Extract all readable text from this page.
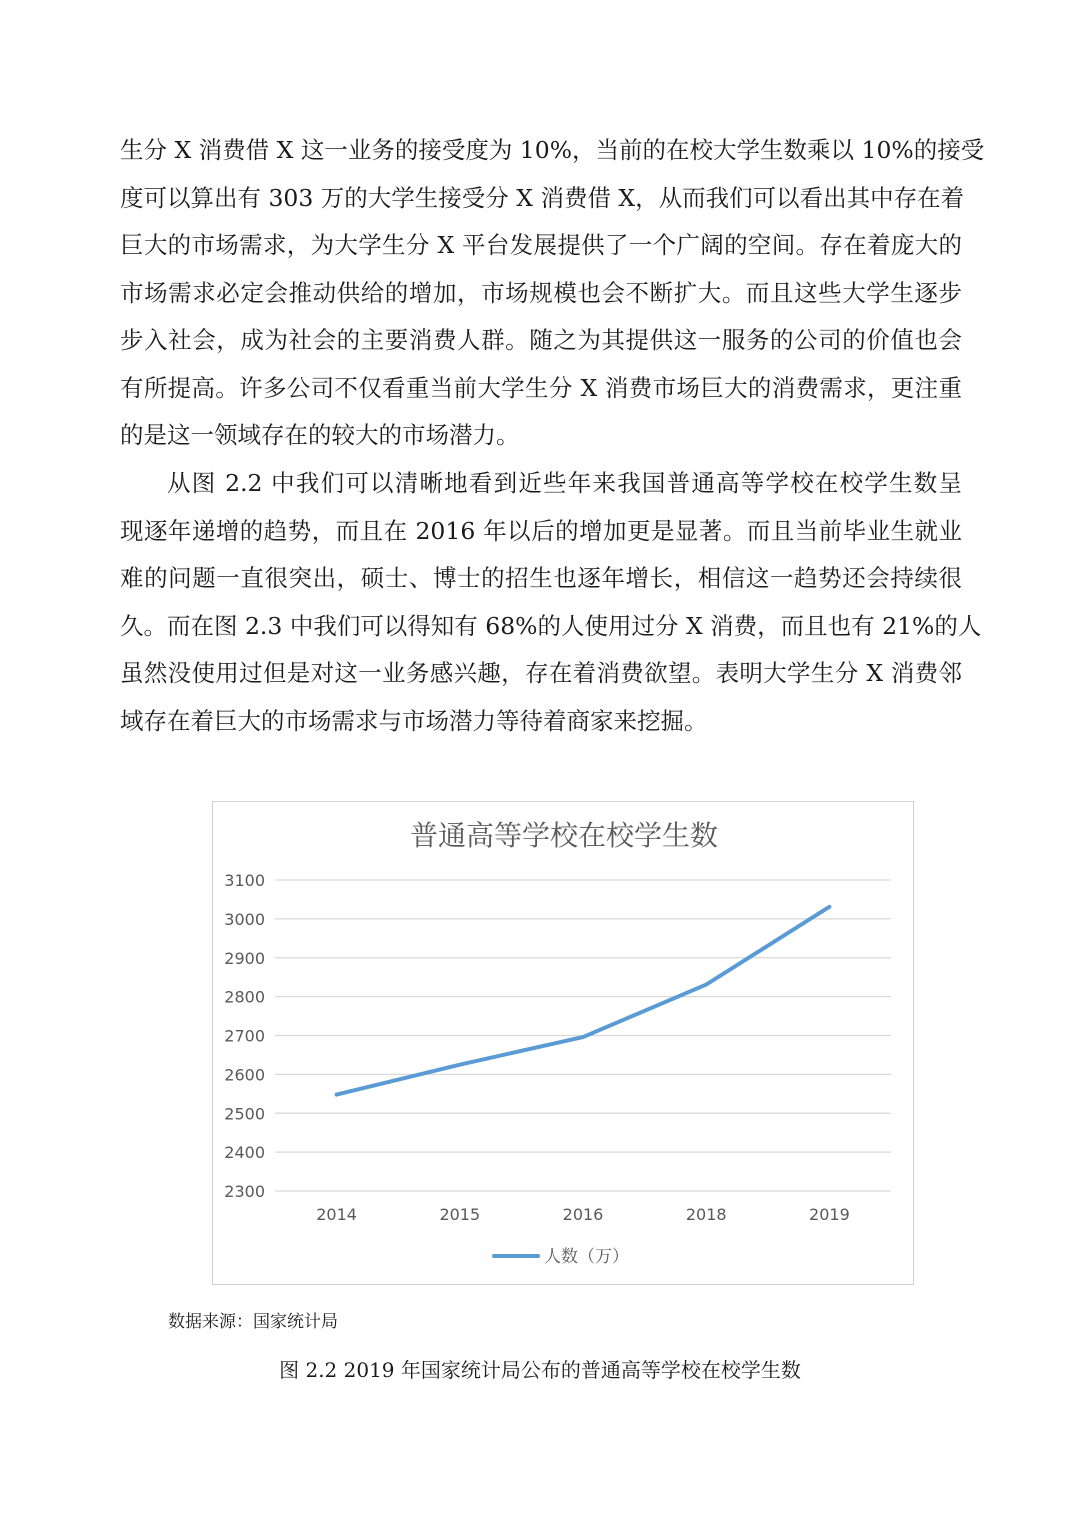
生分 X 消费借 X 这一业务的接受度为 10%，当前的在校大学生数乘以 10%的接受
度可以算出有 303 万的大学生接受分 X 消费借 X，从而我们可以看出其中存在着
巨大的市场需求，为大学生分 X 平台发展提供了一个广阔的空间。存在着庞大的
市场需求必定会推动供给的增加，市场规模也会不断扩大。而且这些大学生逐步
步入社会，成为社会的主要消费人群。随之为其提供这一服务的公司的价值也会
有所提高。许多公司不仅看重当前大学生分 X 消费市场巨大的消费需求，更注重
的是这一领域存在的较大的市场潜力。
从图 2.2 中我们可以清晰地看到近些年来我国普通高等学校在校学生数呈
现逐年递增的趋势，而且在 2016 年以后的增加更是显著。而且当前毕业生就业
难的问题一直很突出，硕士、博士的招生也逐年增长，相信这一趋势还会持续很
久。而在图 2.3 中我们可以得知有 68%的人使用过分 X 消费，而且也有 21%的人
虽然没使用过但是对这一业务感兴趣，存在着消费欲望。表明大学生分 X 消费邻
域存在着巨大的市场需求与市场潜力等待着商家来挖掘。
普通高等学校在校学生数
2300
2400
2500
2600
2700
2800
2900
3000
3100
2014	2015	2016	2018	2019
人数（万）
数据来源：国家统计局
图 2.2 2019 年国家统计局公布的普通高等学校在校学生数
